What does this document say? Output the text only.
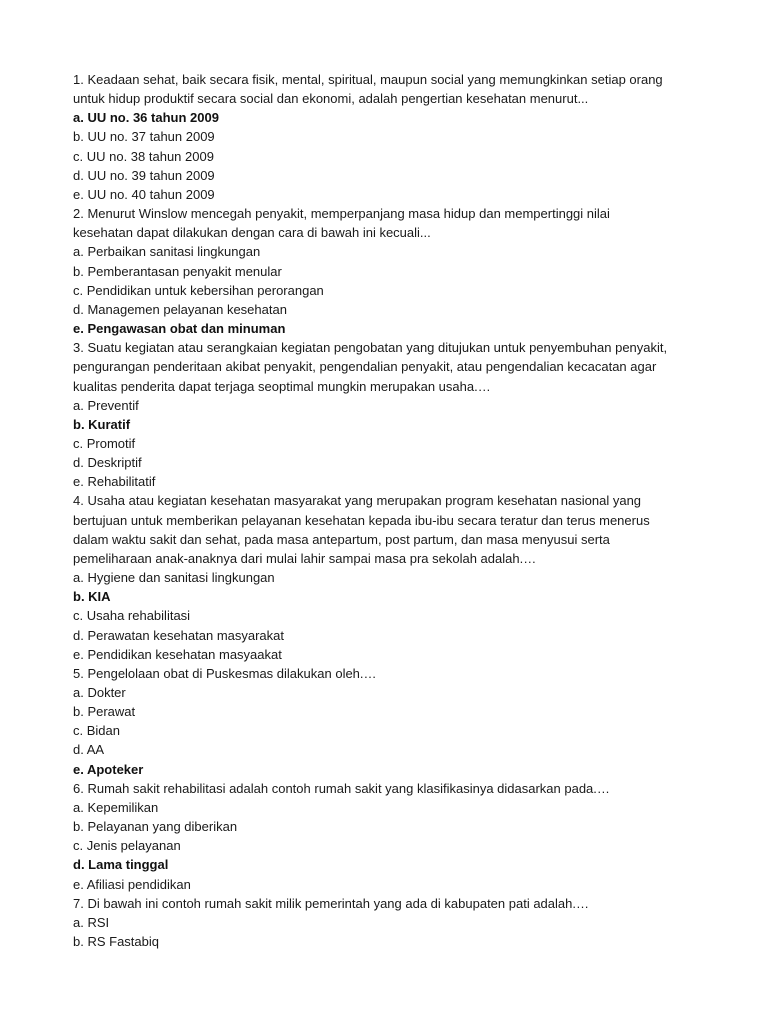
1. Keadaan sehat, baik secara fisik, mental, spiritual, maupun social yang memungkinkan setiap orang

untuk hidup produktif secara social dan ekonomi, adalah pengertian kesehatan menurut...

a. UU no. 36 tahun 2009

b. UU no. 37 tahun 2009

c. UU no. 38 tahun 2009

d. UU no. 39 tahun 2009

e. UU no. 40 tahun 2009

2. Menurut Winslow mencegah penyakit, memperpanjang masa hidup dan mempertinggi nilai

kesehatan dapat dilakukan dengan cara di bawah ini kecuali...

a. Perbaikan sanitasi lingkungan

b. Pemberantasan penyakit menular

c. Pendidikan untuk kebersihan perorangan

d. Managemen pelayanan kesehatan

e. Pengawasan obat dan minuman

3. Suatu kegiatan atau serangkaian kegiatan pengobatan yang ditujukan untuk penyembuhan penyakit,

pengurangan penderitaan akibat penyakit, pengendalian penyakit, atau pengendalian kecacatan agar

kualitas penderita dapat terjaga seoptimal mungkin merupakan usaha.…

a. Preventif

b. Kuratif

c. Promotif

d. Deskriptif

e. Rehabilitatif

4. Usaha atau kegiatan kesehatan masyarakat yang merupakan program kesehatan nasional yang

bertujuan untuk memberikan pelayanan kesehatan kepada ibu-ibu secara teratur dan terus menerus

dalam waktu sakit dan sehat, pada masa antepartum, post partum, dan masa menyusui serta

pemeliharaan anak-anaknya dari mulai lahir sampai masa pra sekolah adalah.…

a. Hygiene dan sanitasi lingkungan

b. KIA

c. Usaha rehabilitasi

d. Perawatan kesehatan masyarakat

e. Pendidikan kesehatan masyaakat

5. Pengelolaan obat di Puskesmas dilakukan oleh.…

a. Dokter

b. Perawat

c. Bidan

d. AA

e. Apoteker

6. Rumah sakit rehabilitasi adalah contoh rumah sakit yang klasifikasinya didasarkan pada.…

a. Kepemilikan

b. Pelayanan yang diberikan

c. Jenis pelayanan

d. Lama tinggal

e. Afiliasi pendidikan

7. Di bawah ini contoh rumah sakit milik pemerintah yang ada di kabupaten pati adalah.…

a. RSI

b. RS Fastabiq
